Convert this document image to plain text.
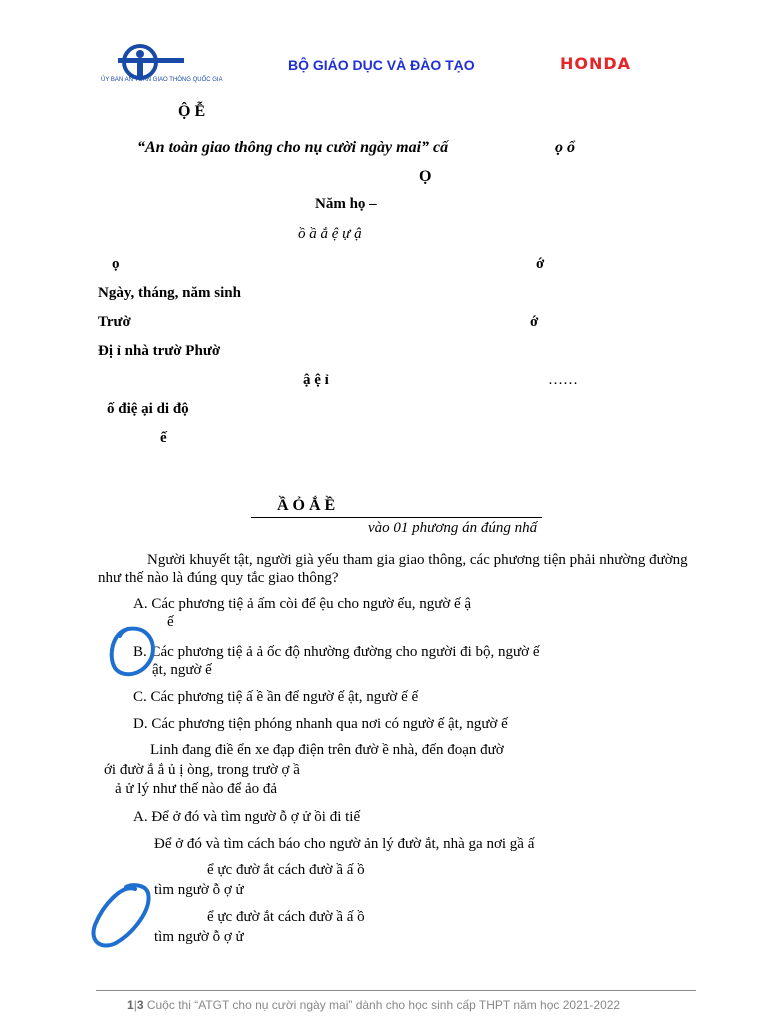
ỦY BAN AN TOÀN GIAO THÔNG QUỐC GIA
BỘ GIÁO DỤC VÀ ĐÀO TẠO	HONDA
Ộ Ễ
“An toàn giao thông cho nụ cười ngày mai” cấ	ọ ổ
Ọ
Năm họ –
ồ ầ ắ ệ ự ậ
ọ	ớ
Ngày, tháng, năm sinh
Trườ	ớ
Đị ỉ nhà trườ Phườ
ậ ệ ỉ	……
ố điệ ại di độ
ế
Ầ Ỏ Ắ Ề
vào 01 phương án đúng nhấ
Người khuyết tật, người già yếu tham gia giao thông, các phương tiện phải nhường đường như thế nào là đúng quy tắc giao thông?
A. Các phương tiệ ả ấm còi để ệu cho ngườ ếu, ngườ ế ậ
ế
B. Các phương tiệ ả ả ốc độ nhường đường cho người đi bộ, ngườ ế
ật, ngườ ế
C. Các phương tiệ ấ ề ần để ngườ ế ật, ngườ ế ế
D. Các phương tiện phóng nhanh qua nơi có ngườ ế ật, ngườ ế
Linh đang điề ển xe đạp điện trên đườ ề nhà, đến đoạn đườ
ới đườ ắ ắ ủ ị òng, trong trườ ợ ầ
ả ử lý như thế nào để ảo đả
A. Để ở đó và tìm ngườ ỗ ợ ử ồi đi tiế
Để ở đó và tìm cách báo cho ngườ ản lý đườ ắt, nhà ga nơi gầ ấ
ể ực đườ ắt cách đườ ầ ấ ồ
tìm ngườ ỗ ợ ử
ể ực đườ ắt cách đườ ầ ấ ồ
tìm ngườ ỗ ợ ử
1|3 Cuộc thi “ATGT cho nụ cười ngày mai” dành cho học sinh cấp THPT năm học 2021-2022
